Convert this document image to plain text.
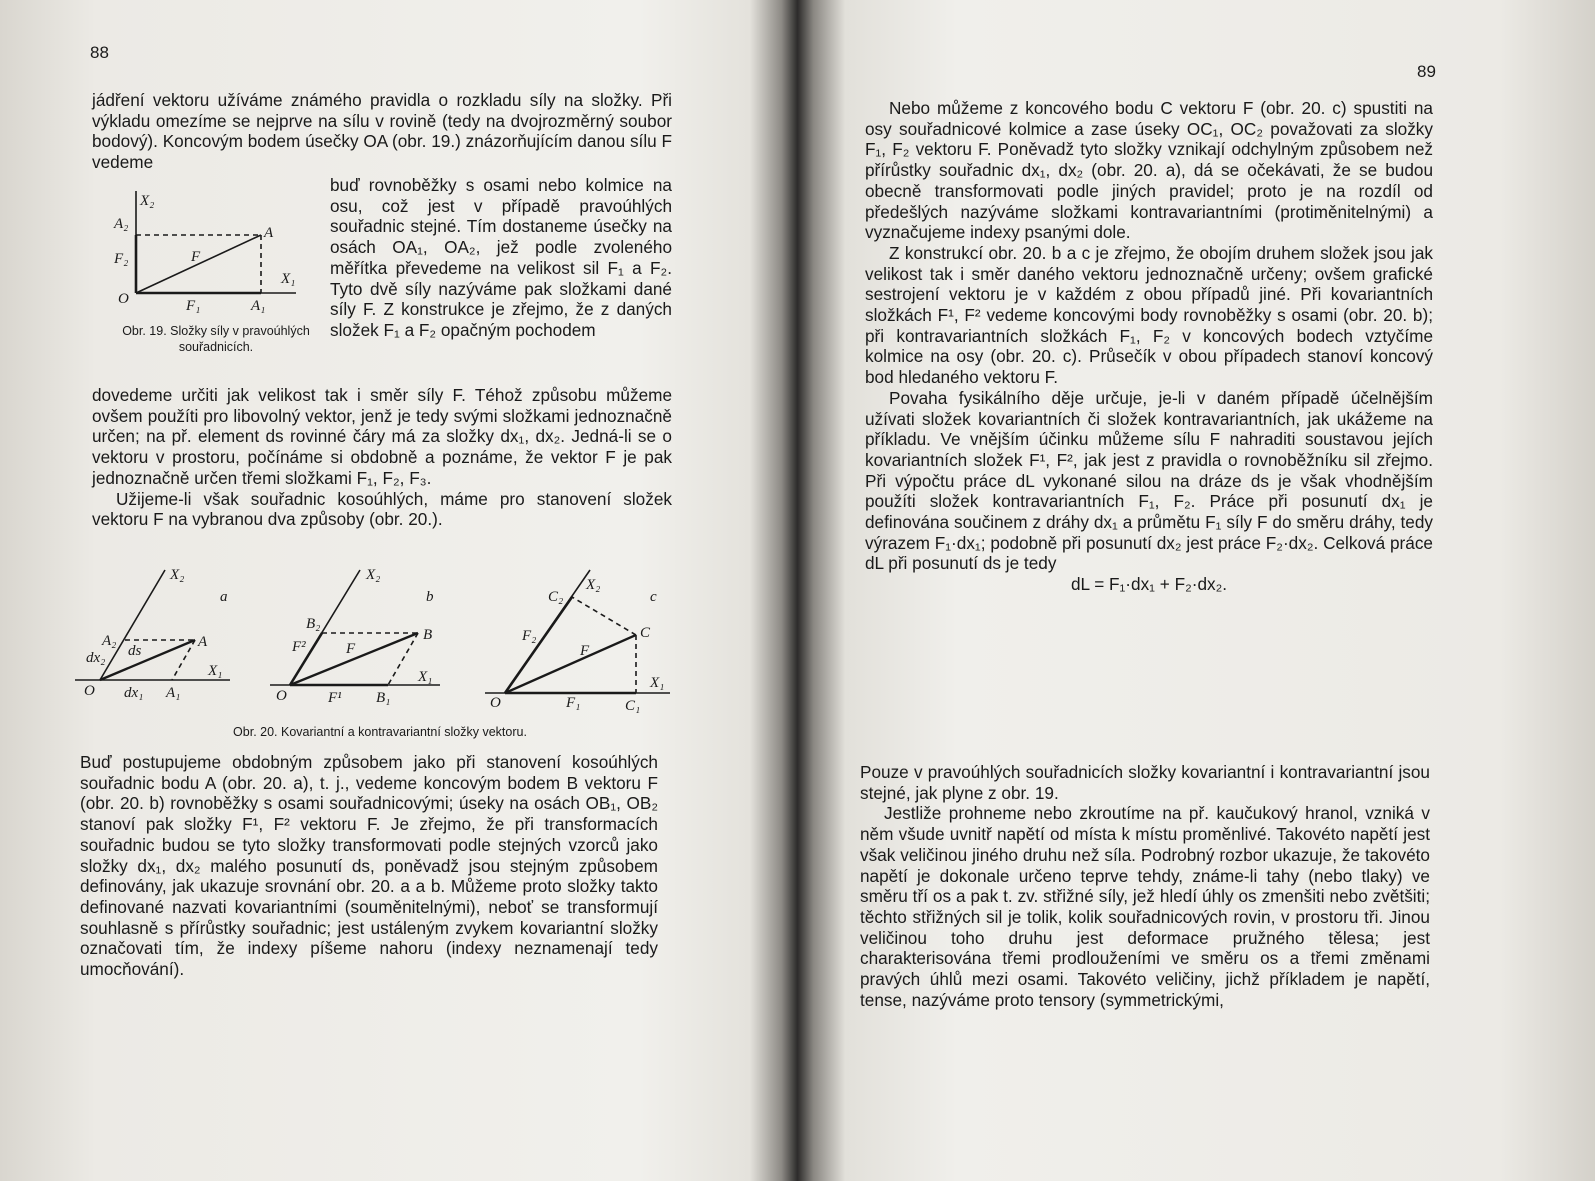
88

jádření vektoru užíváme známého pravidla o rozkladu síly na složky. Při výkladu omezíme se nejprve na sílu v rovině (tedy na dvojrozměrný soubor bodový). Koncovým bodem úsečky OA (obr. 19.) znázorňujícím danou sílu F vedeme

X₂
A₂
A
F₂	F
X₁
O	F₁	A₁
Obr. 19. Složky síly v pravoúhlých souřadnicích.

buď rovnoběžky s osami nebo kolmice na osu, což jest v případě pravoúhlých souřadnic stejné. Tím dostaneme úsečky na osách OA₁, OA₂, jež podle zvoleného měřítka převedeme na velikost sil F₁ a F₂. Tyto dvě síly nazýváme pak složkami dané síly F. Z konstrukce je zřejmo, že z daných složek F₁ a F₂ opačným pochodem

dovedeme určiti jak velikost tak i směr síly F. Téhož způsobu můžeme ovšem použíti pro libovolný vektor, jenž je tedy svými složkami jednoznačně určen; na př. element ds rovinné čáry má za složky dx₁, dx₂. Jedná-li se o vektoru v prostoru, počínáme si obdobně a poznáme, že vektor F je pak jednoznačně určen třemi složkami F₁, F₂, F₃.

Užijeme-li však souřadnic kosoúhlých, máme pro stanovení složek vektoru F na vybranou dva způsoby (obr. 20.).

X₂
a
A₂	A
dx₂ ds
X₁
O dx₁ A₁
X₂
b
B₂
B
F²	F
X₁
O	F¹ B₁
X₂
c
C₂
C
F₂
F
X₁
O	F₁	C₁
Obr. 20. Kovariantní a kontravariantní složky vektoru.

Buď postupujeme obdobným způsobem jako při stanovení kosoúhlých souřadnic bodu A (obr. 20. a), t. j., vedeme koncovým bodem B vektoru F (obr. 20. b) rovnoběžky s osami souřadnicovými; úseky na osách OB₁, OB₂ stanoví pak složky F¹, F² vektoru F. Je zřejmo, že při transformacích souřadnic budou se tyto složky transformovati podle stejných vzorců jako složky dx₁, dx₂ malého posunutí ds, poněvadž jsou stejným způsobem definovány, jak ukazuje srovnání obr. 20. a a b. Můžeme proto složky takto definované nazvati kovariantními (souměnitelnými), neboť se transformují souhlasně s přírůstky souřadnic; jest ustáleným zvykem kovariantní složky označovati tím, že indexy píšeme nahoru (indexy neznamenají tedy umocňování).

89

Nebo můžeme z koncového bodu C vektoru F (obr. 20. c) spustiti na osy souřadnicové kolmice a zase úseky OC₁, OC₂ považovati za složky F₁, F₂ vektoru F. Poněvadž tyto složky vznikají odchylným způsobem než přírůstky souřadnic dx₁, dx₂ (obr. 20. a), dá se očekávati, že se budou obecně transformovati podle jiných pravidel; proto je na rozdíl od předešlých nazýváme složkami kontravariantními (protiměnitelnými) a vyznačujeme indexy psanými dole.

Z konstrukcí obr. 20. b a c je zřejmo, že obojím druhem složek jsou jak velikost tak i směr daného vektoru jednoznačně určeny; ovšem grafické sestrojení vektoru je v každém z obou případů jiné. Při kovariantních složkách F¹, F² vedeme koncovými body rovnoběžky s osami (obr. 20. b); při kontravariantních složkách F₁, F₂ v koncových bodech vztyčíme kolmice na osy (obr. 20. c). Průsečík v obou případech stanoví koncový bod hledaného vektoru F.

Povaha fysikálního děje určuje, je-li v daném případě účelnějším užívati složek kovariantních či složek kontravariantních, jak ukážeme na příkladu. Ve vnějším účinku můžeme sílu F nahraditi soustavou jejích kovariantních složek F¹, F², jak jest z pravidla o rovnoběžníku sil zřejmo. Při výpočtu práce dL vykonané silou na dráze ds je však vhodnějším použíti složek kontravariantních F₁, F₂. Práce při posunutí dx₁ je definována součinem z dráhy dx₁ a průmětu F₁ síly F do směru dráhy, tedy výrazem F₁·dx₁; podobně při posunutí dx₂ jest práce F₂·dx₂. Celková práce dL při posunutí ds je tedy

dL = F₁·dx₁ + F₂·dx₂.

Pouze v pravoúhlých souřadnicích složky kovariantní i kontravariantní jsou stejné, jak plyne z obr. 19.

Jestliže prohneme nebo zkroutíme na př. kaučukový hranol, vzniká v něm všude uvnitř napětí od místa k místu proměnlivé. Takovéto napětí jest však veličinou jiného druhu než síla. Podrobný rozbor ukazuje, že takovéto napětí je dokonale určeno teprve tehdy, známe-li tahy (nebo tlaky) ve směru tří os a pak t. zv. střižné síly, jež hledí úhly os zmenšiti nebo zvětšiti; těchto střižných sil je tolik, kolik souřadnicových rovin, v prostoru tři. Jinou veličinou toho druhu jest deformace pružného tělesa; jest charakterisována třemi prodlouženími ve směru os a třemi změnami pravých úhlů mezi osami. Takovéto veličiny, jichž příkladem je napětí, tense, nazýváme proto tensory (symmetrickými,
